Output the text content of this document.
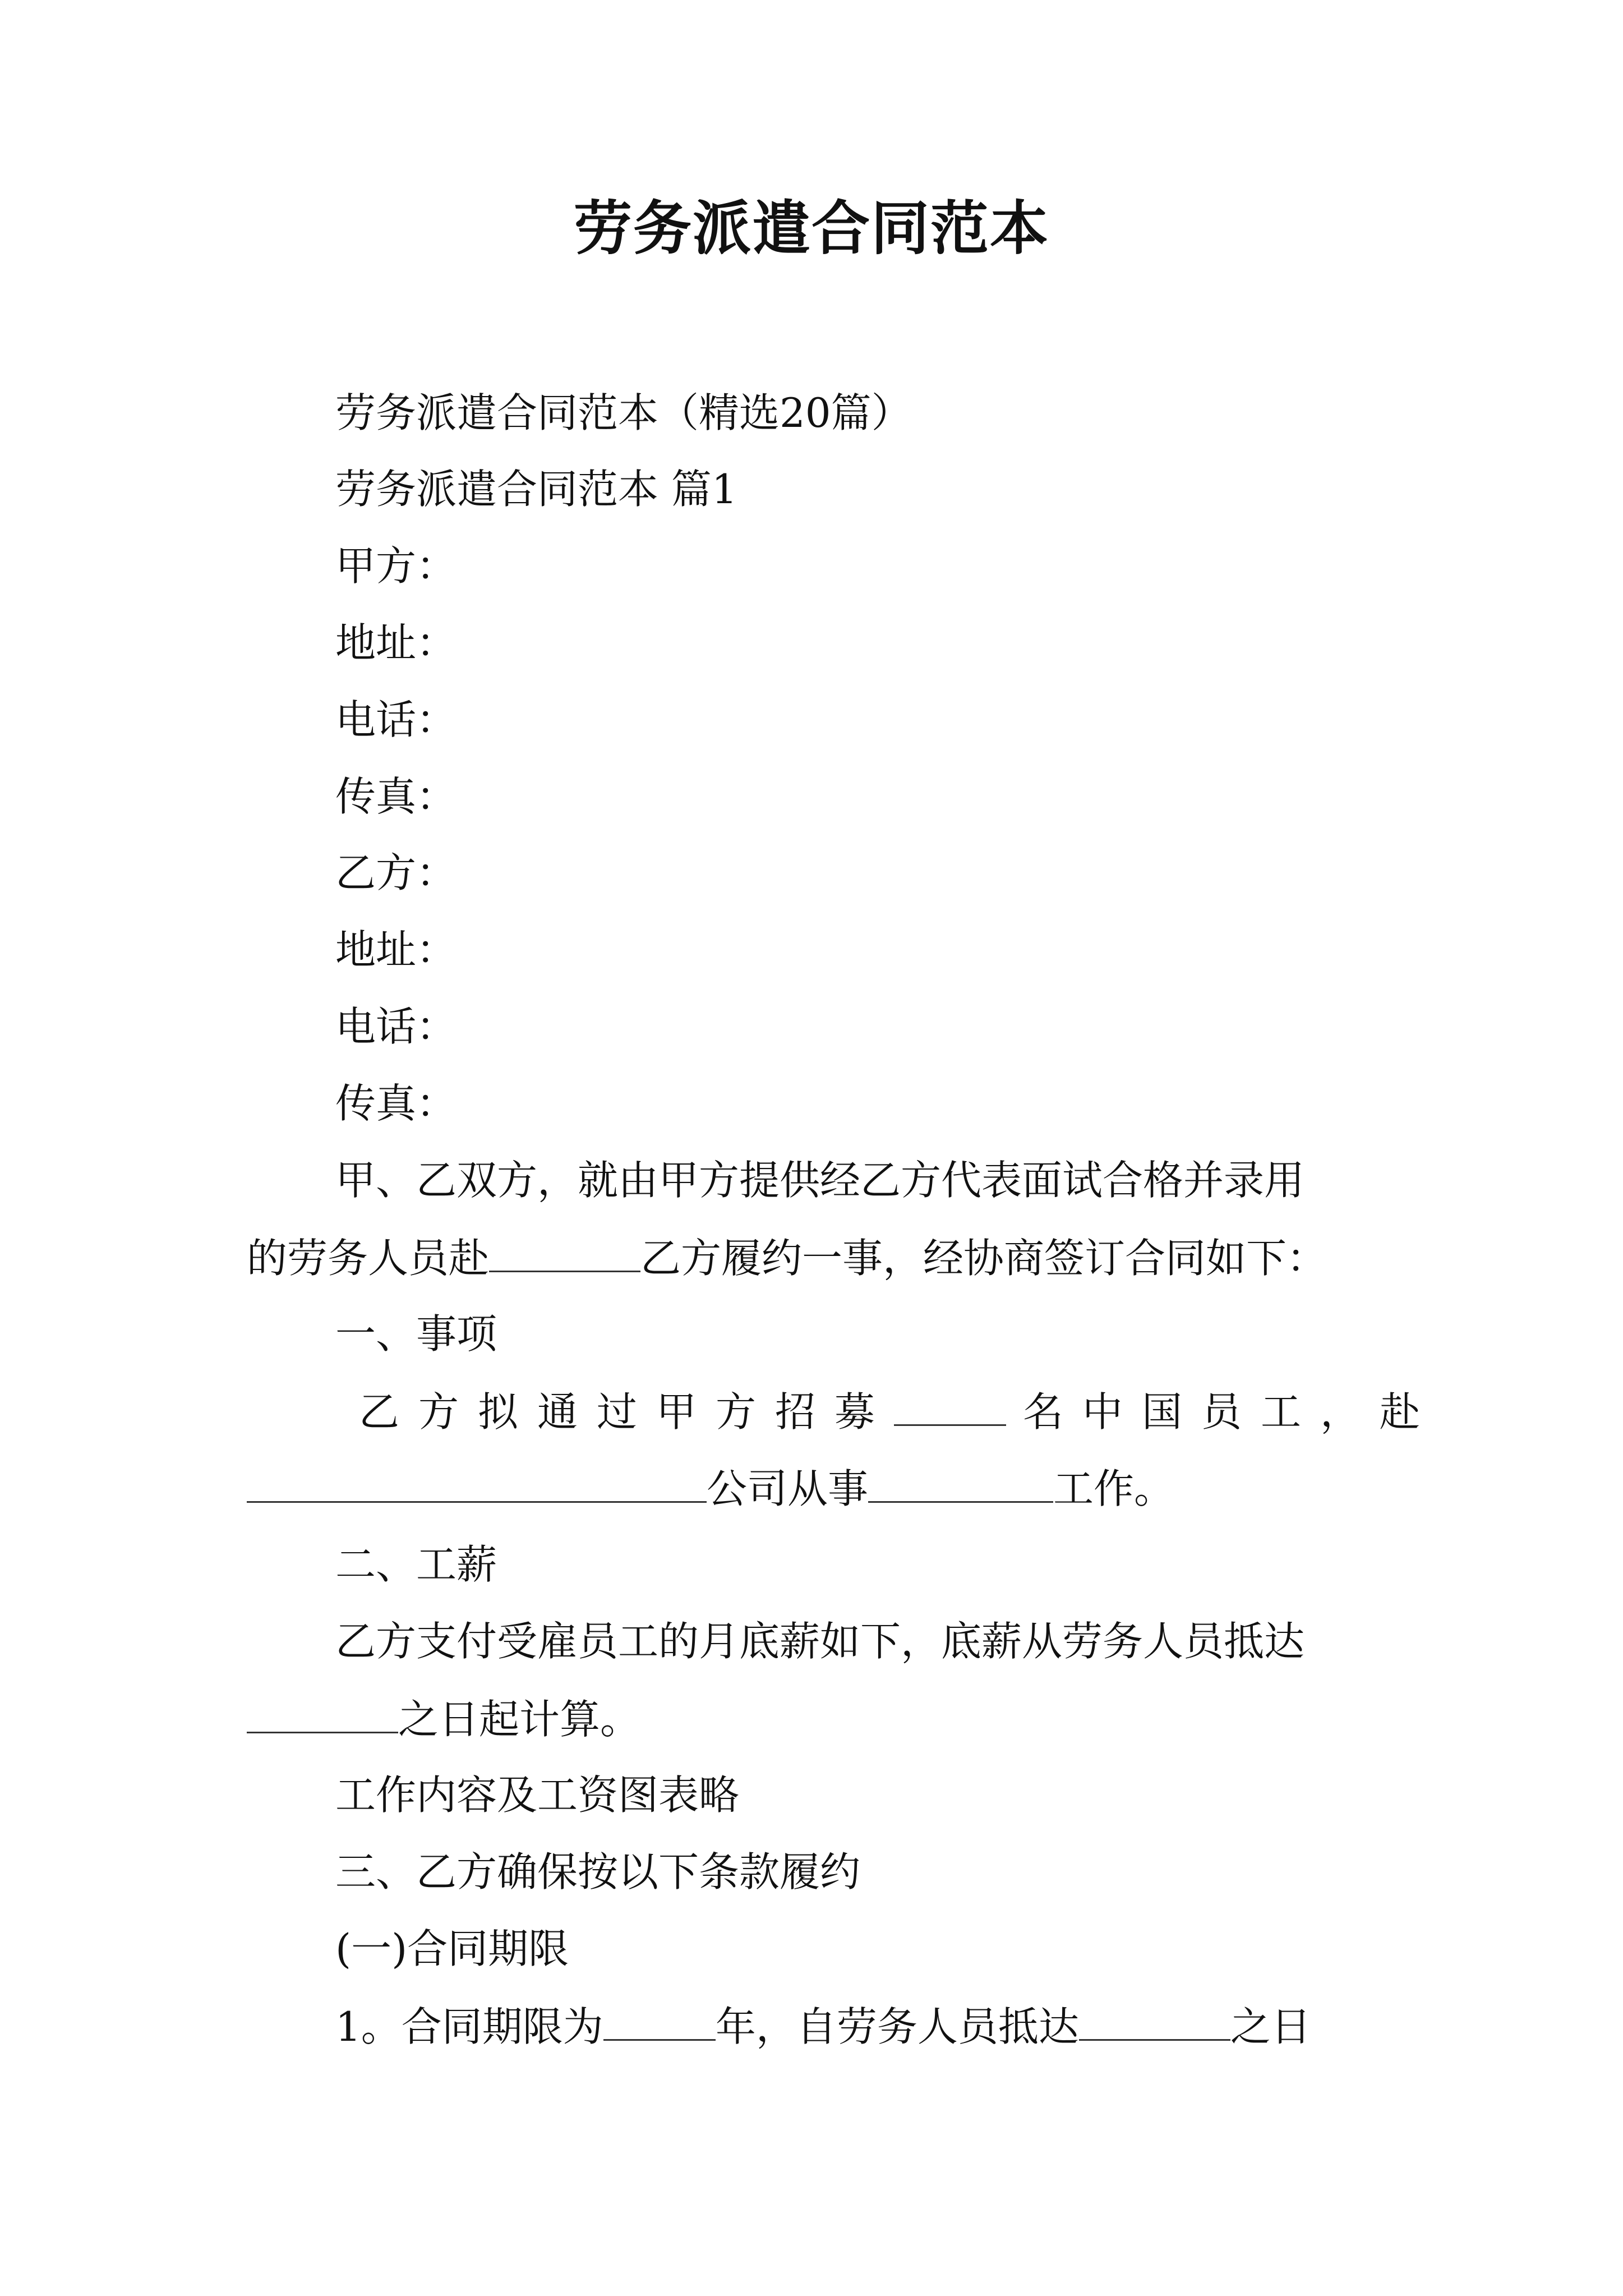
劳务派遣合同范本
劳务派遣合同范本（精选20篇）
劳务派遣合同范本 篇1
甲方：
地址：
电话：
传真：
乙方：
地址：
电话：
传真：
甲、乙双方，就由甲方提供经乙方代表面试合格并录用
的劳务人员赴	乙方履约一事，经协商签订合同如下：
一、事项
乙方拟通过甲方招募	名中国员工，赴
公司从事	工作。
二、工薪
乙方支付受雇员工的月底薪如下，底薪从劳务人员抵达
之日起计算。
工作内容及工资图表略
三、乙方确保按以下条款履约
(一)合同期限
1。合同期限为	年，自劳务人员抵达	之日
